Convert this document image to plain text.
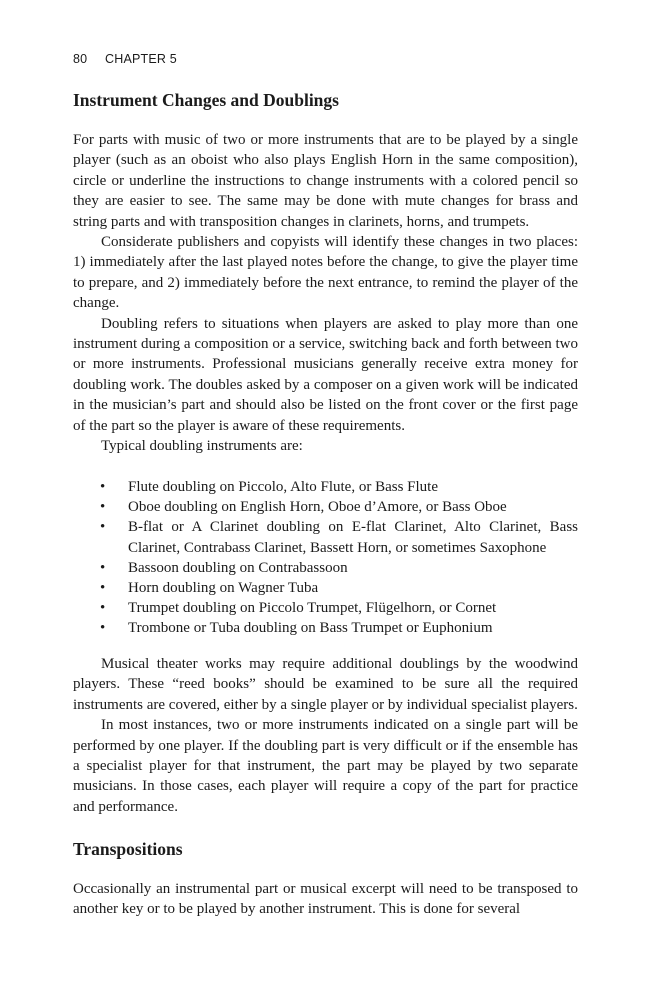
80 CHAPTER 5
Instrument Changes and Doublings

For parts with music of two or more instruments that are to be played by a single player (such as an oboist who also plays English Horn in the same composition), circle or underline the instructions to change instruments with a colored pencil so they are easier to see. The same may be done with mute changes for brass and string parts and with transposition changes in clarinets, horns, and trumpets.

Considerate publishers and copyists will identify these changes in two places: 1) immediately after the last played notes before the change, to give the player time to prepare, and 2) immediately before the next entrance, to remind the player of the change.

Doubling refers to situations when players are asked to play more than one instrument during a composition or a service, switching back and forth between two or more instruments. Professional musicians generally receive extra money for doubling work. The doubles asked by a composer on a given work will be indicated in the musician’s part and should also be listed on the front cover or the first page of the part so the player is aware of these requirements.

Typical doubling instruments are:

• Flute doubling on Piccolo, Alto Flute, or Bass Flute
• Oboe doubling on English Horn, Oboe d’Amore, or Bass Oboe
• B-flat or A Clarinet doubling on E-flat Clarinet, Alto Clarinet, Bass Clarinet, Contrabass Clarinet, Bassett Horn, or sometimes Saxophone
• Bassoon doubling on Contrabassoon
• Horn doubling on Wagner Tuba
• Trumpet doubling on Piccolo Trumpet, Flügelhorn, or Cornet
• Trombone or Tuba doubling on Bass Trumpet or Euphonium

Musical theater works may require additional doublings by the woodwind players. These “reed books” should be examined to be sure all the required instruments are covered, either by a single player or by individual specialist players.

In most instances, two or more instruments indicated on a single part will be performed by one player. If the doubling part is very difficult or if the ensemble has a specialist player for that instrument, the part may be played by two separate musicians. In those cases, each player will require a copy of the part for practice and performance.

Transpositions

Occasionally an instrumental part or musical excerpt will need to be transposed to another key or to be played by another instrument. This is done for several
